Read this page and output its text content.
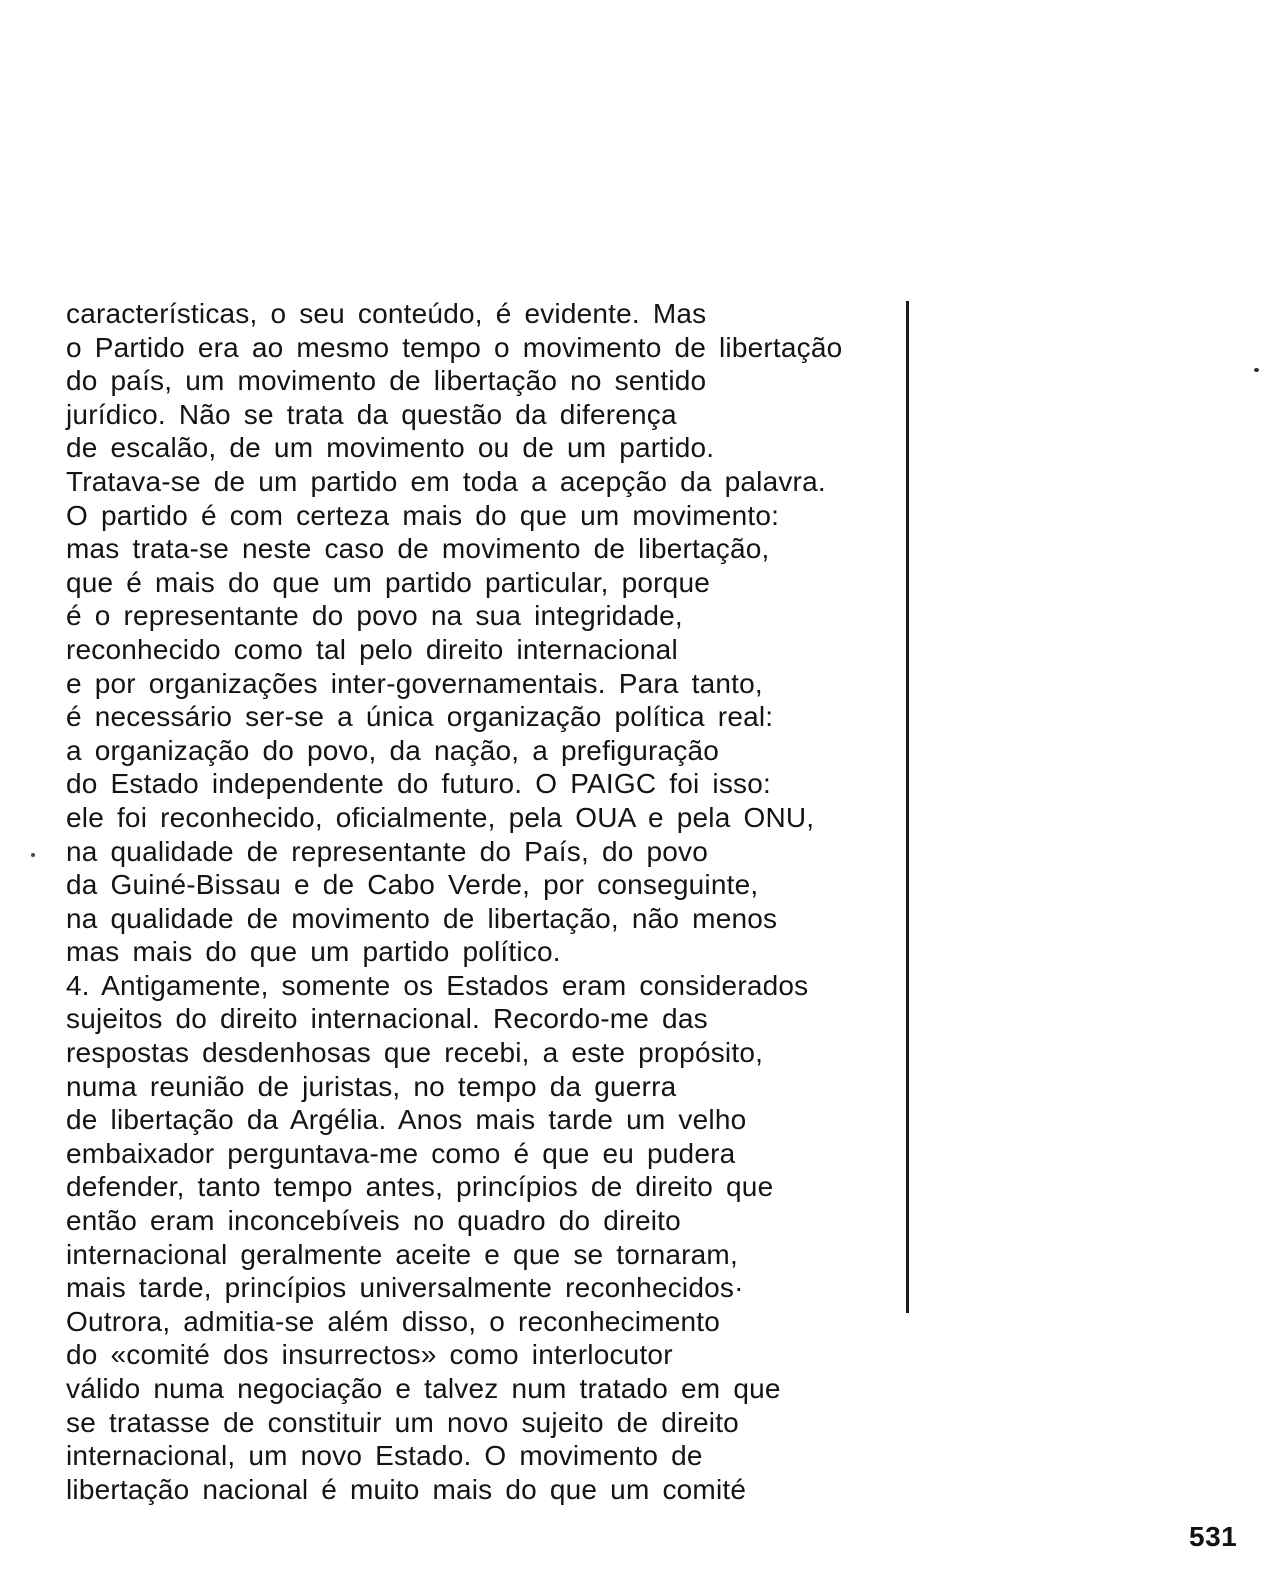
características, o seu conteúdo, é evidente. Mas
o Partido era ao mesmo tempo o movimento de libertação
do país, um movimento de libertação no sentido
jurídico. Não se trata da questão da diferença
de escalão, de um movimento ou de um partido.
Tratava-se de um partido em toda a acepção da palavra.
O partido é com certeza mais do que um movimento:
mas trata-se neste caso de movimento de libertação,
que é mais do que um partido particular, porque
é o representante do povo na sua integridade,
reconhecido como tal pelo direito internacional
e por organizações inter-governamentais. Para tanto,
é necessário ser-se a única organização política real:
a organização do povo, da nação, a prefiguração
do Estado independente do futuro. O PAIGC foi isso:
ele foi reconhecido, oficialmente, pela OUA e pela ONU,
na qualidade de representante do País, do povo
da Guiné-Bissau e de Cabo Verde, por conseguinte,
na qualidade de movimento de libertação, não menos
mas mais do que um partido político.
4. Antigamente, somente os Estados eram considerados
sujeitos do direito internacional. Recordo-me das
respostas desdenhosas que recebi, a este propósito,
numa reunião de juristas, no tempo da guerra
de libertação da Argélia. Anos mais tarde um velho
embaixador perguntava-me como é que eu pudera
defender, tanto tempo antes, princípios de direito que
então eram inconcebíveis no quadro do direito
internacional geralmente aceite e que se tornaram,
mais tarde, princípios universalmente reconhecidos·
Outrora, admitia-se além disso, o reconhecimento
do «comité dos insurrectos» como interlocutor
válido numa negociação e talvez num tratado em que
se tratasse de constituir um novo sujeito de direito
internacional, um novo Estado. O movimento de
libertação nacional é muito mais do que um comité
531
